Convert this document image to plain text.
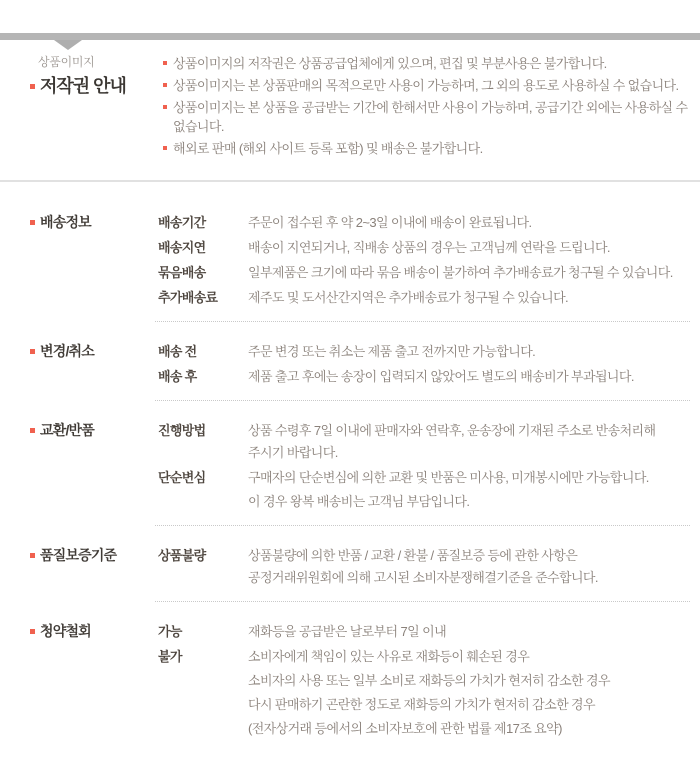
상품이미지
저작권 안내
상품이미지의 저작권은 상품공급업체에게 있으며, 편집 및 부분사용은 불가합니다.
상품이미지는 본 상품판매의 목적으로만 사용이 가능하며, 그 외의 용도로 사용하실 수 없습니다.
상품이미지는 본 상품을 공급받는 기간에 한해서만 사용이 가능하며, 공급기간 외에는 사용하실 수 없습니다.
해외로 판매 (해외 사이트 등록 포함) 및 배송은 불가합니다.
배송정보	배송기간	주문이 접수된 후 약 2~3일 이내에 배송이 완료됩니다.
배송지연	배송이 지연되거나, 직배송 상품의 경우는 고객님께 연락을 드립니다.
묶음배송	일부제품은 크기에 따라 묶음 배송이 불가하여 추가배송료가 청구될 수 있습니다.
추가배송료	제주도 및 도서산간지역은 추가배송료가 청구될 수 있습니다.
변경/취소	배송 전	주문 변경 또는 취소는 제품 출고 전까지만 가능합니다.
배송 후	제품 출고 후에는 송장이 입력되지 않았어도 별도의 배송비가 부과됩니다.
교환/반품	진행방법	상품 수령후 7일 이내에 판매자와 연락후, 운송장에 기재된 주소로 반송처리해
주시기 바랍니다.
단순변심	구매자의 단순변심에 의한 교환 및 반품은 미사용, 미개봉시에만 가능합니다.
이 경우 왕복 배송비는 고객님 부담입니다.
품질보증기준	상품불량	상품불량에 의한 반품 / 교환 / 환불 / 품질보증 등에 관한 사항은
공정거래위원회에 의해 고시된 소비자분쟁해결기준을 준수합니다.
청약철회	가능	재화등을 공급받은 날로부터 7일 이내
불가	소비자에게 책임이 있는 사유로 재화등이 훼손된 경우
소비자의 사용 또는 일부 소비로 재화등의 가치가 현저히 감소한 경우
다시 판매하기 곤란한 정도로 재화등의 가치가 현저히 감소한 경우
(전자상거래 등에서의 소비자보호에 관한 법률 제17조 요약)
